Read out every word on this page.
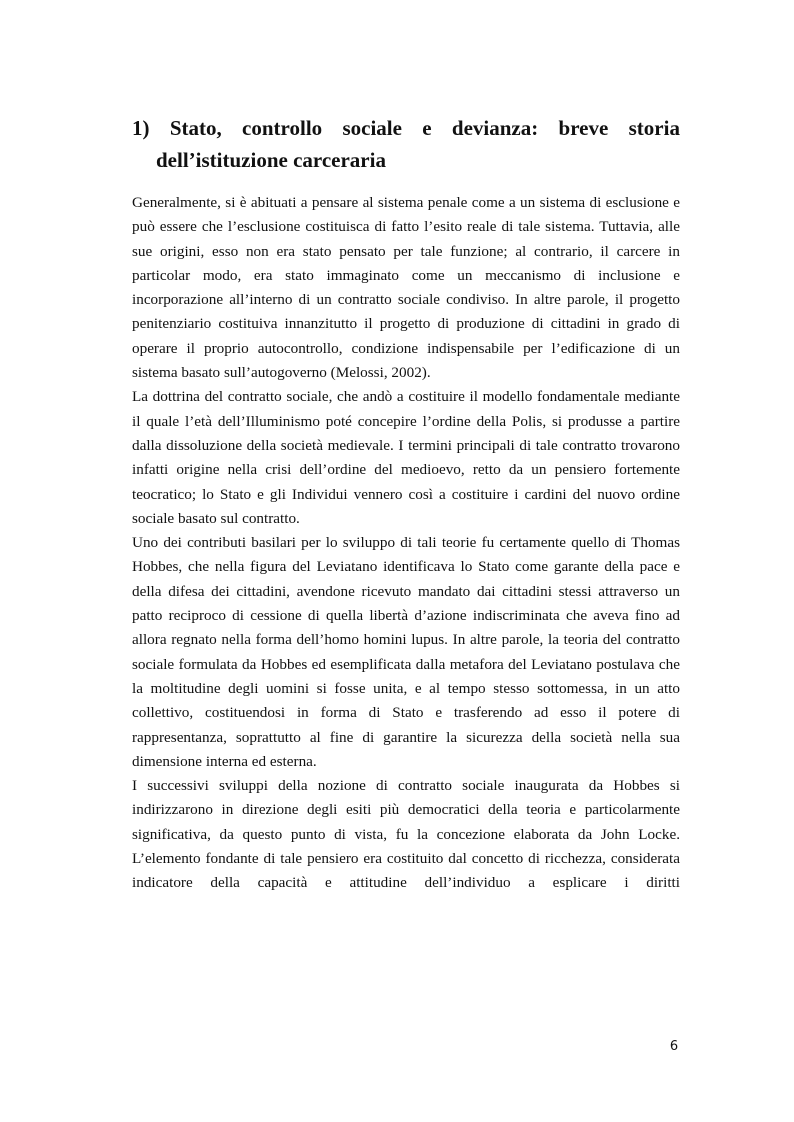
1) Stato, controllo sociale e devianza: breve storia
dell’istituzione carceraria

Generalmente, si è abituati a pensare al sistema penale come a un sistema di esclusione e può essere che l’esclusione costituisca di fatto l’esito reale di tale sistema. Tuttavia, alle sue origini, esso non era stato pensato per tale funzione; al contrario, il carcere in particolar modo, era stato immaginato come un meccanismo di inclusione e incorporazione all’interno di un contratto sociale condiviso. In altre parole, il progetto penitenziario costituiva innanzitutto il progetto di produzione di cittadini in grado di operare il proprio autocontrollo, condizione indispensabile per l’edificazione di un sistema basato sull’autogoverno (Melossi, 2002).

La dottrina del contratto sociale, che andò a costituire il modello fondamentale mediante il quale l’età dell’Illuminismo poté concepire l’ordine della Polis, si produsse a partire dalla dissoluzione della società medievale. I termini principali di tale contratto trovarono infatti origine nella crisi dell’ordine del medioevo, retto da un pensiero fortemente teocratico; lo Stato e gli Individui vennero così a costituire i cardini del nuovo ordine sociale basato sul contratto.

Uno dei contributi basilari per lo sviluppo di tali teorie fu certamente quello di Thomas Hobbes, che nella figura del Leviatano identificava lo Stato come garante della pace e della difesa dei cittadini, avendone ricevuto mandato dai cittadini stessi attraverso un patto reciproco di cessione di quella libertà d’azione indiscriminata che aveva fino ad allora regnato nella forma dell’homo homini lupus. In altre parole, la teoria del contratto sociale formulata da Hobbes ed esemplificata dalla metafora del Leviatano postulava che la moltitudine degli uomini si fosse unita, e al tempo stesso sottomessa, in un atto collettivo, costituendosi in forma di Stato e trasferendo ad esso il potere di rappresentanza, soprattutto al fine di garantire la sicurezza della società nella sua dimensione interna ed esterna.

I successivi sviluppi della nozione di contratto sociale inaugurata da Hobbes si indirizzarono in direzione degli esiti più democratici della teoria e particolarmente significativa, da questo punto di vista, fu la concezione elaborata da John Locke. L’elemento fondante di tale pensiero era costituito dal concetto di ricchezza, considerata indicatore della capacità e attitudine dell’individuo a esplicare i diritti

6
